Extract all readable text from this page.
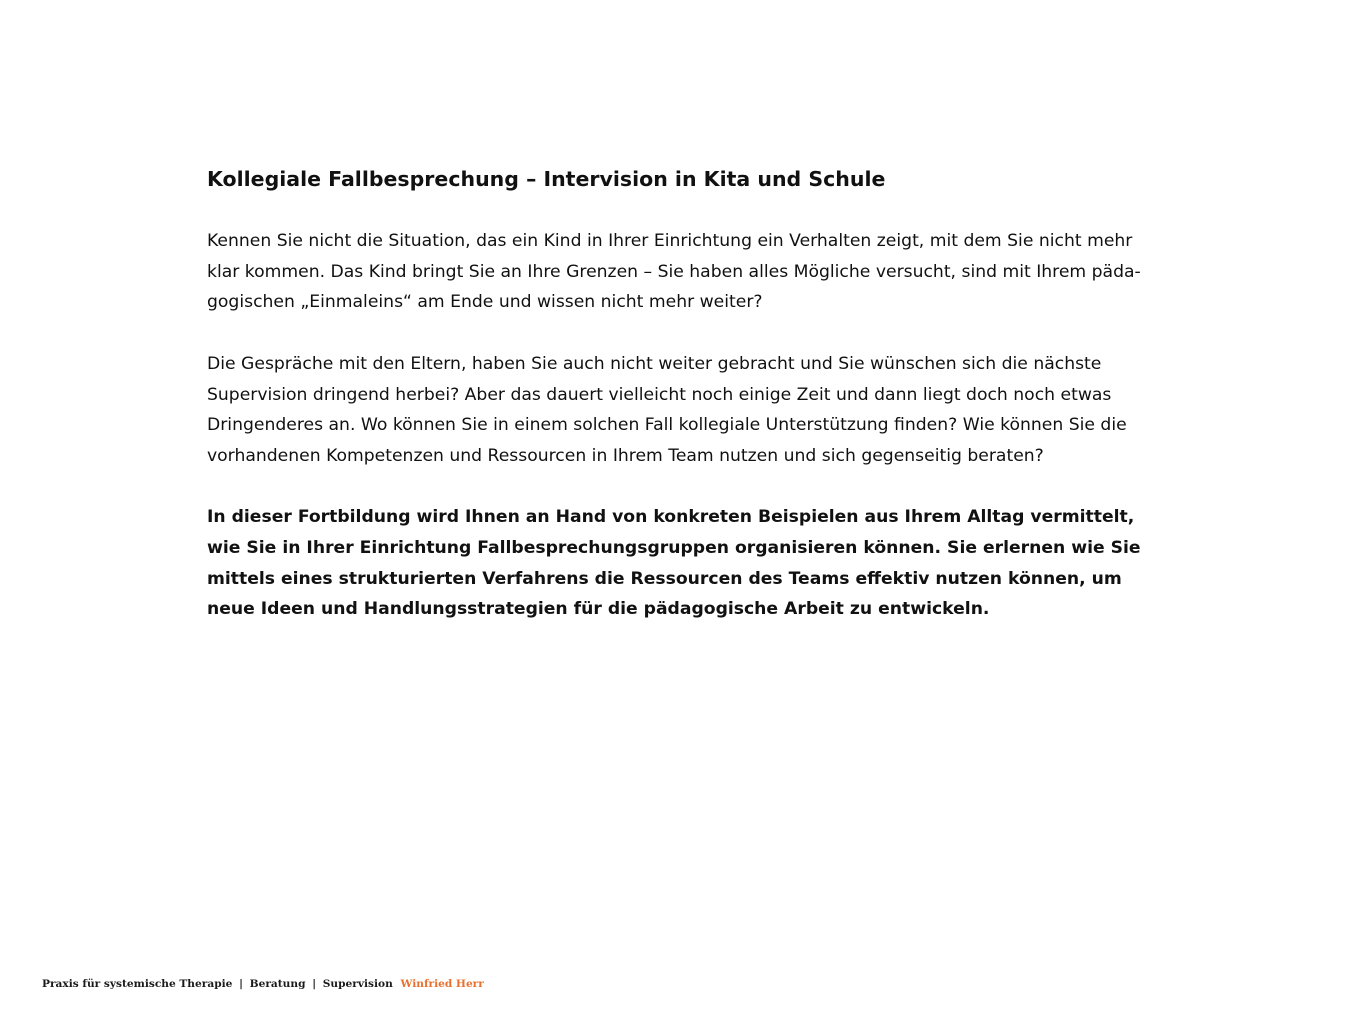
Kollegiale Fallbesprechung – Intervision in Kita und Schule

Kennen Sie nicht die Situation, das ein Kind in Ihrer Einrichtung ein Verhalten zeigt, mit dem Sie nicht mehr
klar kommen. Das Kind bringt Sie an Ihre Grenzen – Sie haben alles Mögliche versucht, sind mit Ihrem päda-
gogischen „Einmaleins“ am Ende und wissen nicht mehr weiter?

Die Gespräche mit den Eltern, haben Sie auch nicht weiter gebracht und Sie wünschen sich die nächste
Supervision dringend herbei? Aber das dauert vielleicht noch einige Zeit und dann liegt doch noch etwas
Dringenderes an. Wo können Sie in einem solchen Fall kollegiale Unterstützung finden? Wie können Sie die
vorhandenen Kompetenzen und Ressourcen in Ihrem Team nutzen und sich gegenseitig beraten?

In dieser Fortbildung wird Ihnen an Hand von konkreten Beispielen aus Ihrem Alltag vermittelt,
wie Sie in Ihrer Einrichtung Fallbesprechungsgruppen organisieren können. Sie erlernen wie Sie
mittels eines strukturierten Verfahrens die Ressourcen des Teams effektiv nutzen können, um
neue Ideen und Handlungsstrategien für die pädagogische Arbeit zu entwickeln.

Praxis für systemische Therapie | Beratung | Supervision Winfried Herr
